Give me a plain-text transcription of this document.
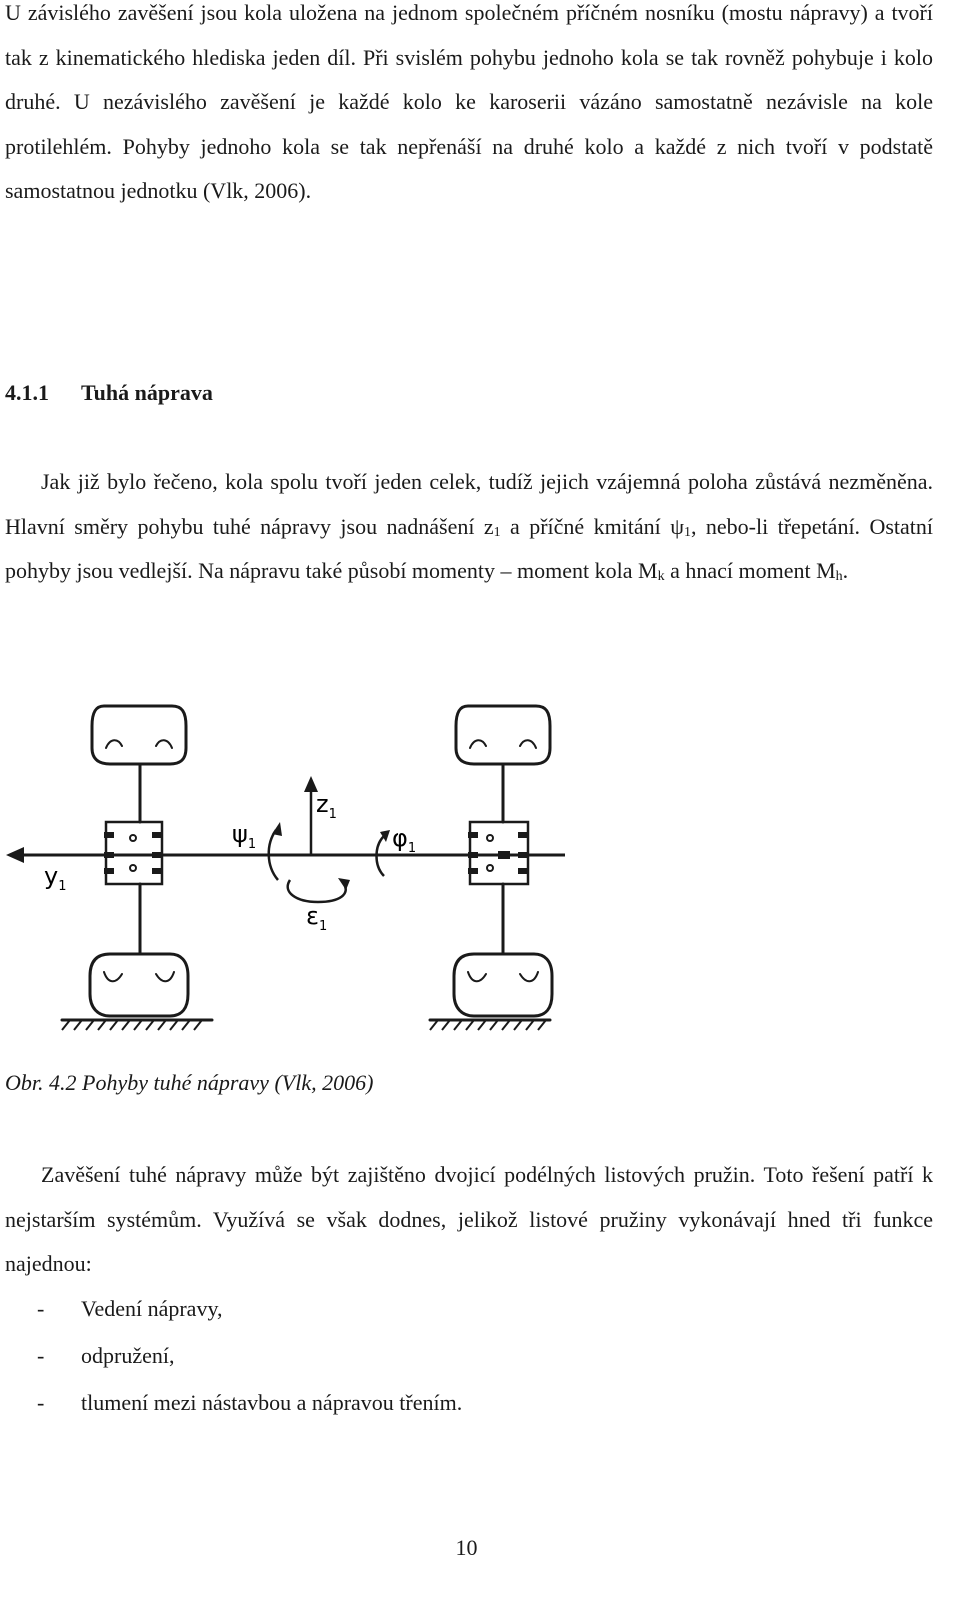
U závislého zavěšení jsou kola uložena na jednom společném příčném nosníku (mostu nápravy) a tvoří tak z kinematického hlediska jeden díl. Při svislém pohybu jednoho kola se tak rovněž pohybuje i kolo druhé. U nezávislého zavěšení je každé kolo ke karoserii vázáno samostatně nezávisle na kole protilehlém. Pohyby jednoho kola se tak nepřenáší na druhé kolo a každé z nich tvoří v podstatě samostatnou jednotku (Vlk, 2006).

4.1.1 Tuhá náprava

Jak již bylo řečeno, kola spolu tvoří jeden celek, tudíž jejich vzájemná poloha zůstává nezměněna. Hlavní směry pohybu tuhé nápravy jsou nadnášení $z_1$ a příčné kmitání $\psi_1$, nebo-li třepetání. Ostatní pohyby jsou vedlejší. Na nápravu také působí momenty – moment kola $M_k$ a hnací moment $M_h$.

$z_1$
$\psi_1$	$\varphi_1$
$y_1$
$\varepsilon_1$

Obr. 4.2 Pohyby tuhé nápravy (Vlk, 2006)

Zavěšení tuhé nápravy může být zajištěno dvojicí podélných listových pružin. Toto řešení patří k nejstarším systémům. Využívá se však dodnes, jelikož listové pružiny vykonávají hned tři funkce najednou:

- Vedení nápravy,
- odpružení,
- tlumení mezi nástavbou a nápravou třením.

10
